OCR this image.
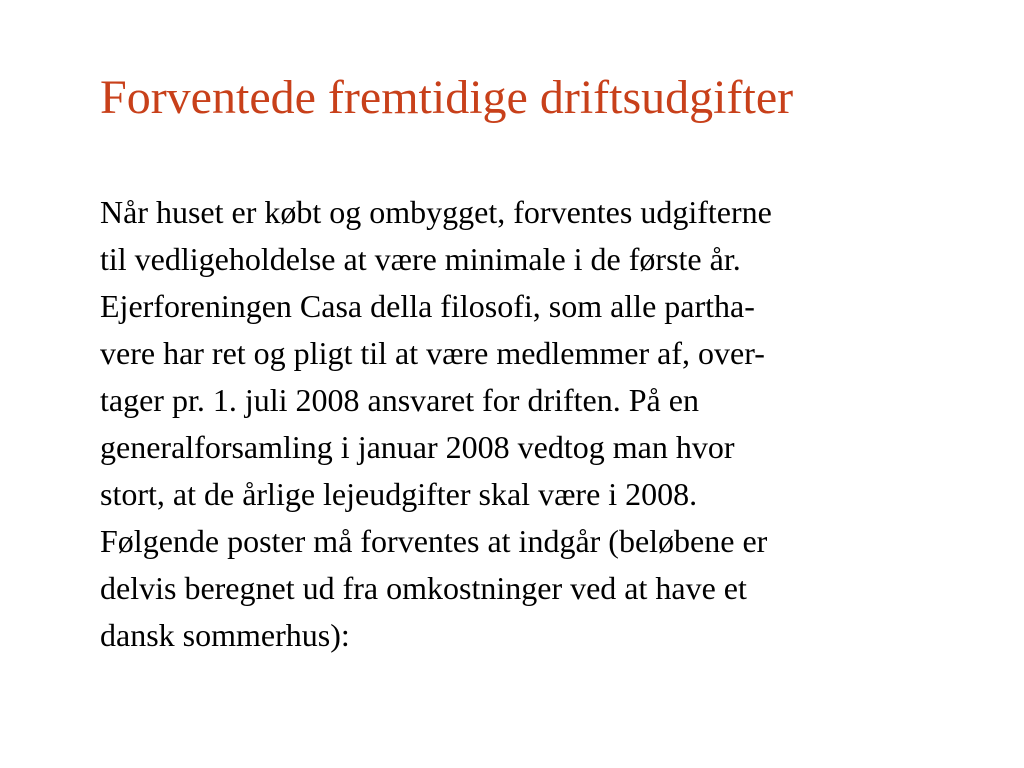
Forventede fremtidige driftsudgifter
Når huset er købt og ombygget, forventes udgifterne
til vedligeholdelse at være minimale i de første år.
Ejerforeningen Casa della filosofi, som alle partha-
vere har ret og pligt til at være medlemmer af, over-
tager pr. 1. juli 2008 ansvaret for driften. På en
generalforsamling i januar 2008 vedtog man hvor
stort, at de årlige lejeudgifter skal være i 2008.
Følgende poster må forventes at indgår (beløbene er
delvis beregnet ud fra omkostninger ved at have et
dansk sommerhus):
